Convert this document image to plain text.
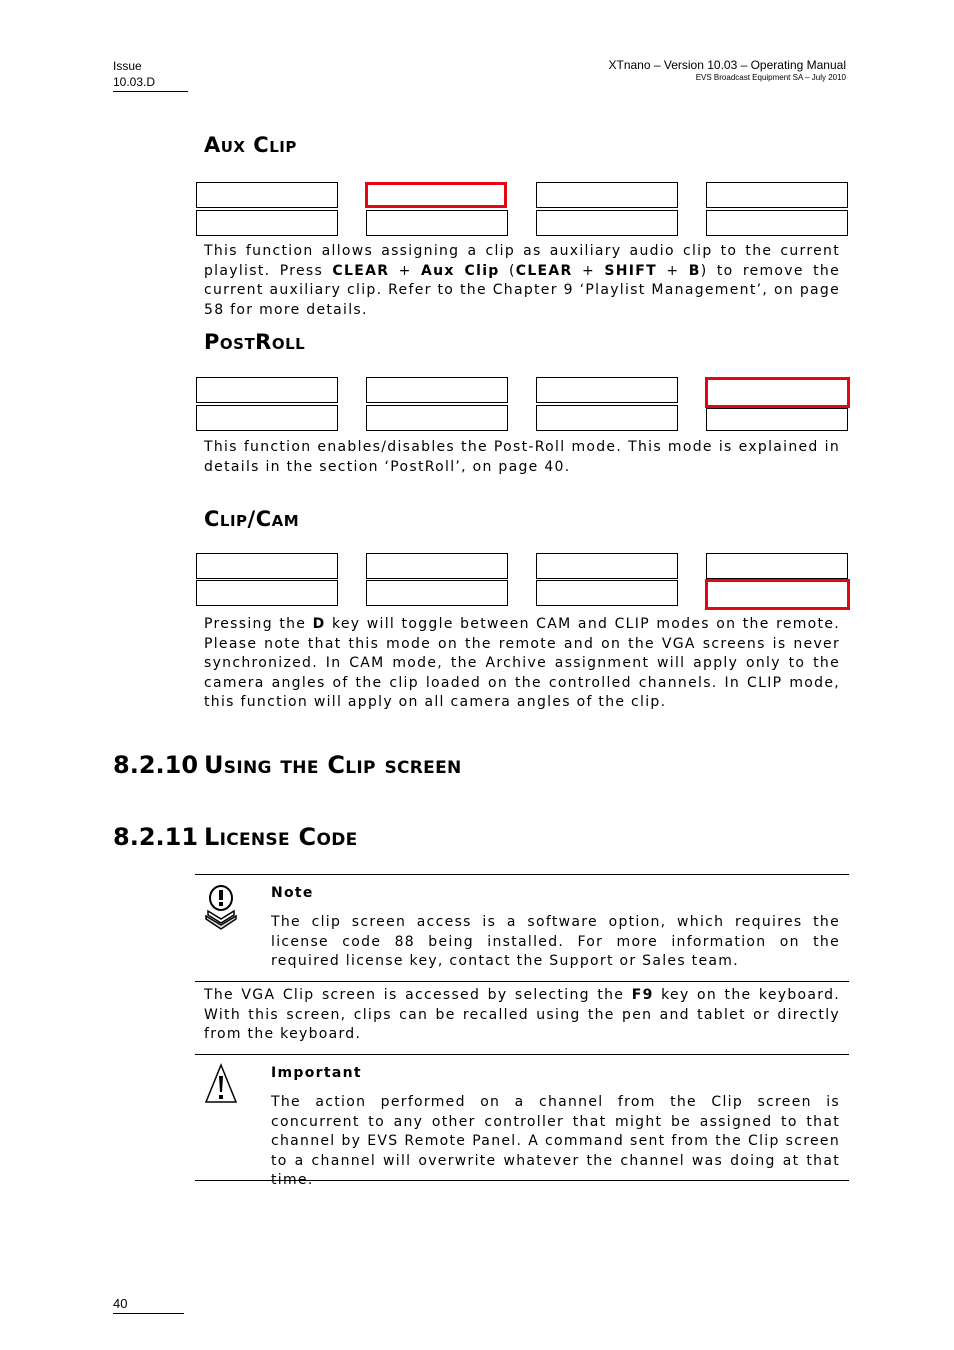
Issue
10.03.D
XTnano – Version 10.03 – Operating Manual
EVS Broadcast Equipment SA – July 2010
Aux Clip
This function allows assigning a clip as auxiliary audio clip to the current playlist. Press CLEAR + Aux Clip (CLEAR + SHIFT + B) to remove the current auxiliary clip. Refer to the Chapter 9 ‘Playlist Management’, on page 58 for more details.
PostRoll
This function enables/disables the Post-Roll mode. This mode is explained in details in the section ‘PostRoll’, on page 40.
Clip/Cam
Pressing the D key will toggle between CAM and CLIP modes on the remote. Please note that this mode on the remote and on the VGA screens is never synchronized. In CAM mode, the Archive assignment will apply only to the camera angles of the clip loaded on the controlled channels. In CLIP mode, this function will apply on all camera angles of the clip.
8.2.10 Using the Clip screen
8.2.11 License Code
Note
The clip screen access is a software option, which requires the license code 88 being installed. For more information on the required license key, contact the Support or Sales team.
The VGA Clip screen is accessed by selecting the F9 key on the keyboard. With this screen, clips can be recalled using the pen and tablet or directly from the keyboard.
Important
The action performed on a channel from the Clip screen is concurrent to any other controller that might be assigned to that channel by EVS Remote Panel. A command sent from the Clip screen to a channel will overwrite whatever the channel was doing at that time.
40
